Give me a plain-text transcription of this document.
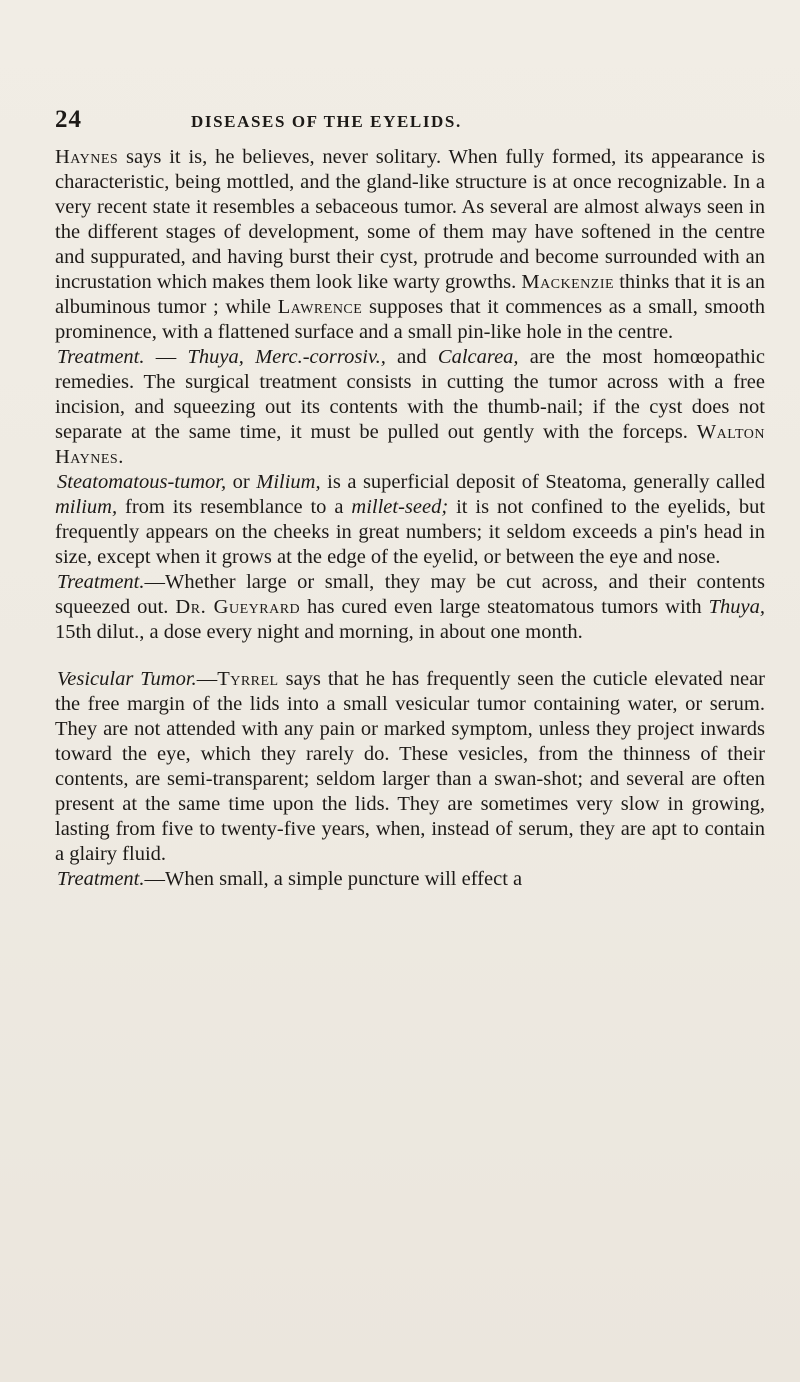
24	DISEASES OF THE EYELIDS.

Haynes says it is, he believes, never solitary. When fully formed, its appearance is characteristic, being mottled, and the gland-like structure is at once recognizable. In a very recent state it resembles a sebaceous tumor. As several are almost always seen in the different stages of development, some of them may have softened in the centre and suppurated, and having burst their cyst, protrude and become surrounded with an incrustation which makes them look like warty growths. Mackenzie thinks that it is an albuminous tumor ; while Lawrence supposes that it commences as a small, smooth prominence, with a flattened surface and a small pin-like hole in the centre.

Treatment. — Thuya, Merc.-corrosiv., and Calcarea, are the most homœopathic remedies. The surgical treatment consists in cutting the tumor across with a free incision, and squeezing out its contents with the thumb-nail; if the cyst does not separate at the same time, it must be pulled out gently with the forceps. Walton Haynes.

Steatomatous-tumor, or Milium, is a superficial deposit of Steatoma, generally called milium, from its resemblance to a millet-seed; it is not confined to the eyelids, but frequently appears on the cheeks in great numbers; it seldom exceeds a pin's head in size, except when it grows at the edge of the eyelid, or between the eye and nose.

Treatment.—Whether large or small, they may be cut across, and their contents squeezed out. Dr. Gueyrard has cured even large steatomatous tumors with Thuya, 15th dilut., a dose every night and morning, in about one month.

Vesicular Tumor.—Tyrrel says that he has frequently seen the cuticle elevated near the free margin of the lids into a small vesicular tumor containing water, or serum. They are not attended with any pain or marked symptom, unless they project inwards toward the eye, which they rarely do. These vesicles, from the thinness of their contents, are semi-transparent; seldom larger than a swan-shot; and several are often present at the same time upon the lids. They are sometimes very slow in growing, lasting from five to twenty-five years, when, instead of serum, they are apt to contain a glairy fluid.

Treatment.—When small, a simple puncture will effect a
